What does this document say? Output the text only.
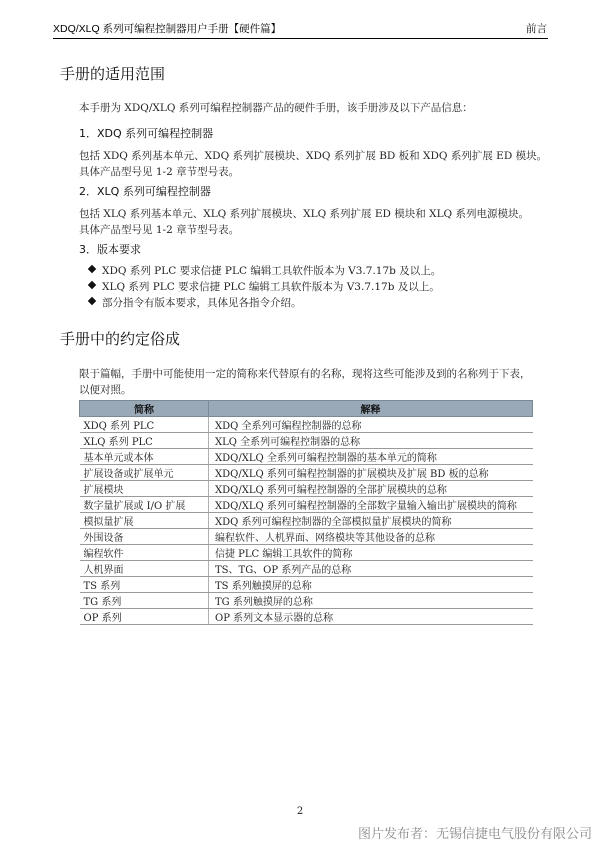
XDQ/XLQ 系列可编程控制器用户手册【硬件篇】	前言
手册的适用范围
本手册为 XDQ/XLQ 系列可编程控制器产品的硬件手册，该手册涉及以下产品信息：
1．XDQ 系列可编程控制器
包括 XDQ 系列基本单元、XDQ 系列扩展模块、XDQ 系列扩展 BD 板和 XDQ 系列扩展 ED 模块。
具体产品型号见 1-2 章节型号表。
2．XLQ 系列可编程控制器
包括 XLQ 系列基本单元、XLQ 系列扩展模块、XLQ 系列扩展 ED 模块和 XLQ 系列电源模块。
具体产品型号见 1-2 章节型号表。
3．版本要求
XDQ 系列 PLC 要求信捷 PLC 编辑工具软件版本为 V3.7.17b 及以上。
XLQ 系列 PLC 要求信捷 PLC 编辑工具软件版本为 V3.7.17b 及以上。
部分指令有版本要求，具体见各指令介绍。
手册中的约定俗成
限于篇幅，手册中可能使用一定的简称来代替原有的名称，现将这些可能涉及到的名称列于下表，
以便对照。
简称	解释
XDQ 系列 PLC	XDQ 全系列可编程控制器的总称
XLQ 系列 PLC	XLQ 全系列可编程控制器的总称
基本单元或本体	XDQ/XLQ 全系列可编程控制器的基本单元的简称
扩展设备或扩展单元	XDQ/XLQ 系列可编程控制器的扩展模块及扩展 BD 板的总称
扩展模块	XDQ/XLQ 系列可编程控制器的全部扩展模块的总称
数字量扩展或 I/O 扩展	XDQ/XLQ 系列可编程控制器的全部数字量输入输出扩展模块的简称
模拟量扩展	XDQ 系列可编程控制器的全部模拟量扩展模块的简称
外围设备	编程软件、人机界面、网络模块等其他设备的总称
编程软件	信捷 PLC 编辑工具软件的简称
人机界面	TS、TG、OP 系列产品的总称
TS 系列	TS 系列触摸屏的总称
TG 系列	TG 系列触摸屏的总称
OP 系列	OP 系列文本显示器的总称
2
图片发布者：无锡信捷电气股份有限公司
